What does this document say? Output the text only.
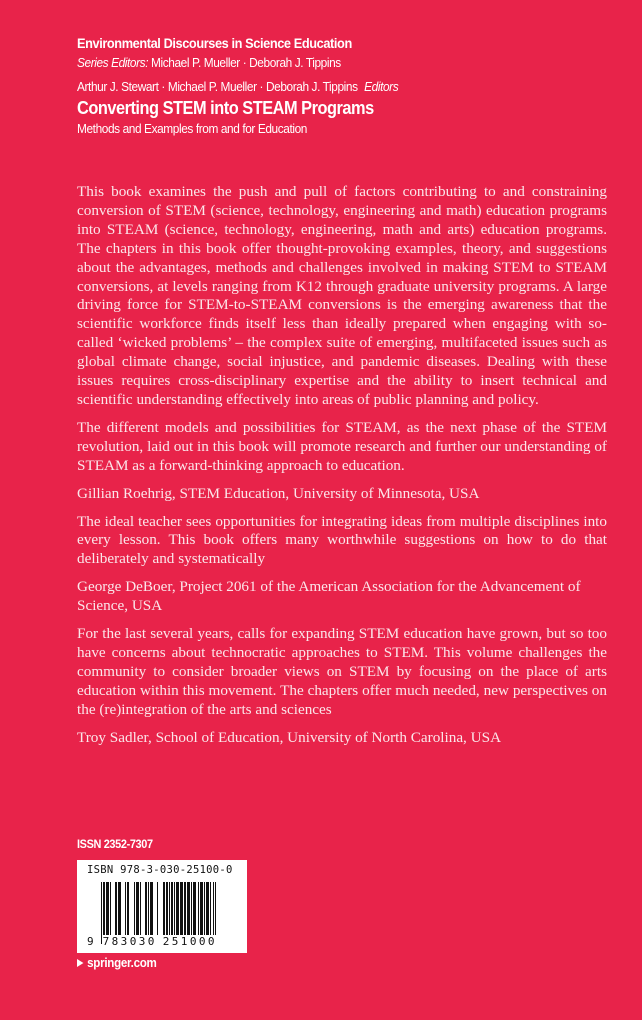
Environmental Discourses in Science Education
Series Editors: Michael P. Mueller · Deborah J. Tippins
Arthur J. Stewart · Michael P. Mueller · Deborah J. Tippins Editors
Converting STEM into STEAM Programs
Methods and Examples from and for Education

This book examines the push and pull of factors contributing to and constraining conversion of STEM (science, technology, engineering and math) education programs into STEAM (science, technology, engineering, math and arts) education programs. The chapters in this book offer thought-provoking examples, theory, and suggestions about the advantages, methods and challenges involved in making STEM to STEAM conversions, at levels ranging from K12 through graduate university programs. A large driving force for STEM-to-STEAM conversions is the emerging awareness that the scientific workforce finds itself less than ideally prepared when engaging with so-called ‘wicked problems’ – the complex suite of emerging, multifaceted issues such as global climate change, social injustice, and pandemic diseases. Dealing with these issues requires cross-disciplinary expertise and the ability to insert technical and scientific understanding effectively into areas of public planning and policy.

The different models and possibilities for STEAM, as the next phase of the STEM revolution, laid out in this book will promote research and further our understanding of STEAM as a forward-thinking approach to education.

Gillian Roehrig, STEM Education, University of Minnesota, USA

The ideal teacher sees opportunities for integrating ideas from multiple disciplines into every lesson. This book offers many worthwhile suggestions on how to do that deliberately and systematically

George DeBoer, Project 2061 of the American Association for the Advancement of Science, USA

For the last several years, calls for expanding STEM education have grown, but so too have concerns about technocratic approaches to STEM. This volume challenges the community to consider broader views on STEM by focusing on the place of arts education within this movement. The chapters offer much needed, new perspectives on the (re)integration of the arts and sciences

Troy Sadler, School of Education, University of North Carolina, USA

ISSN 2352-7307
ISBN 978-3-030-25100-0
9 783030 251000
springer.com
